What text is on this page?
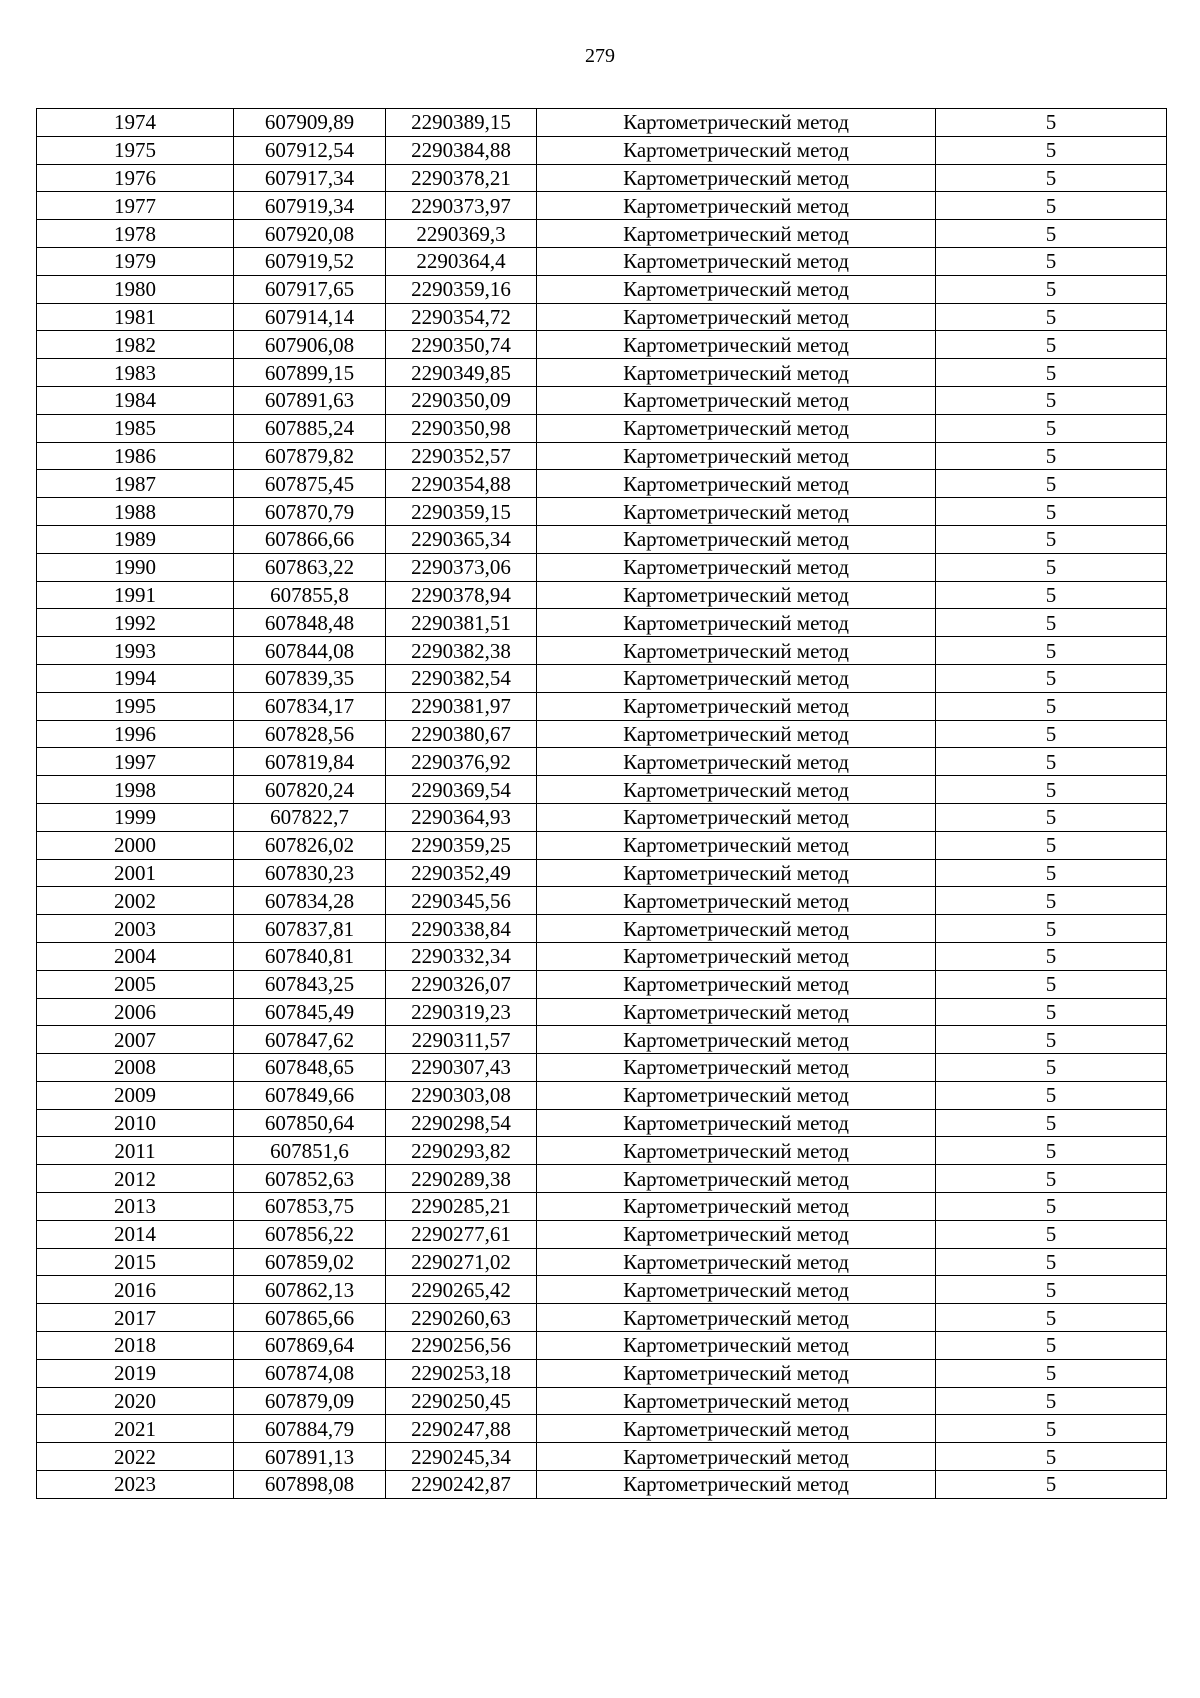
279
1974	607909,89	2290389,15	Картометрический метод	5
1975	607912,54	2290384,88	Картометрический метод	5
1976	607917,34	2290378,21	Картометрический метод	5
1977	607919,34	2290373,97	Картометрический метод	5
1978	607920,08	2290369,3	Картометрический метод	5
1979	607919,52	2290364,4	Картометрический метод	5
1980	607917,65	2290359,16	Картометрический метод	5
1981	607914,14	2290354,72	Картометрический метод	5
1982	607906,08	2290350,74	Картометрический метод	5
1983	607899,15	2290349,85	Картометрический метод	5
1984	607891,63	2290350,09	Картометрический метод	5
1985	607885,24	2290350,98	Картометрический метод	5
1986	607879,82	2290352,57	Картометрический метод	5
1987	607875,45	2290354,88	Картометрический метод	5
1988	607870,79	2290359,15	Картометрический метод	5
1989	607866,66	2290365,34	Картометрический метод	5
1990	607863,22	2290373,06	Картометрический метод	5
1991	607855,8	2290378,94	Картометрический метод	5
1992	607848,48	2290381,51	Картометрический метод	5
1993	607844,08	2290382,38	Картометрический метод	5
1994	607839,35	2290382,54	Картометрический метод	5
1995	607834,17	2290381,97	Картометрический метод	5
1996	607828,56	2290380,67	Картометрический метод	5
1997	607819,84	2290376,92	Картометрический метод	5
1998	607820,24	2290369,54	Картометрический метод	5
1999	607822,7	2290364,93	Картометрический метод	5
2000	607826,02	2290359,25	Картометрический метод	5
2001	607830,23	2290352,49	Картометрический метод	5
2002	607834,28	2290345,56	Картометрический метод	5
2003	607837,81	2290338,84	Картометрический метод	5
2004	607840,81	2290332,34	Картометрический метод	5
2005	607843,25	2290326,07	Картометрический метод	5
2006	607845,49	2290319,23	Картометрический метод	5
2007	607847,62	2290311,57	Картометрический метод	5
2008	607848,65	2290307,43	Картометрический метод	5
2009	607849,66	2290303,08	Картометрический метод	5
2010	607850,64	2290298,54	Картометрический метод	5
2011	607851,6	2290293,82	Картометрический метод	5
2012	607852,63	2290289,38	Картометрический метод	5
2013	607853,75	2290285,21	Картометрический метод	5
2014	607856,22	2290277,61	Картометрический метод	5
2015	607859,02	2290271,02	Картометрический метод	5
2016	607862,13	2290265,42	Картометрический метод	5
2017	607865,66	2290260,63	Картометрический метод	5
2018	607869,64	2290256,56	Картометрический метод	5
2019	607874,08	2290253,18	Картометрический метод	5
2020	607879,09	2290250,45	Картометрический метод	5
2021	607884,79	2290247,88	Картометрический метод	5
2022	607891,13	2290245,34	Картометрический метод	5
2023	607898,08	2290242,87	Картометрический метод	5
